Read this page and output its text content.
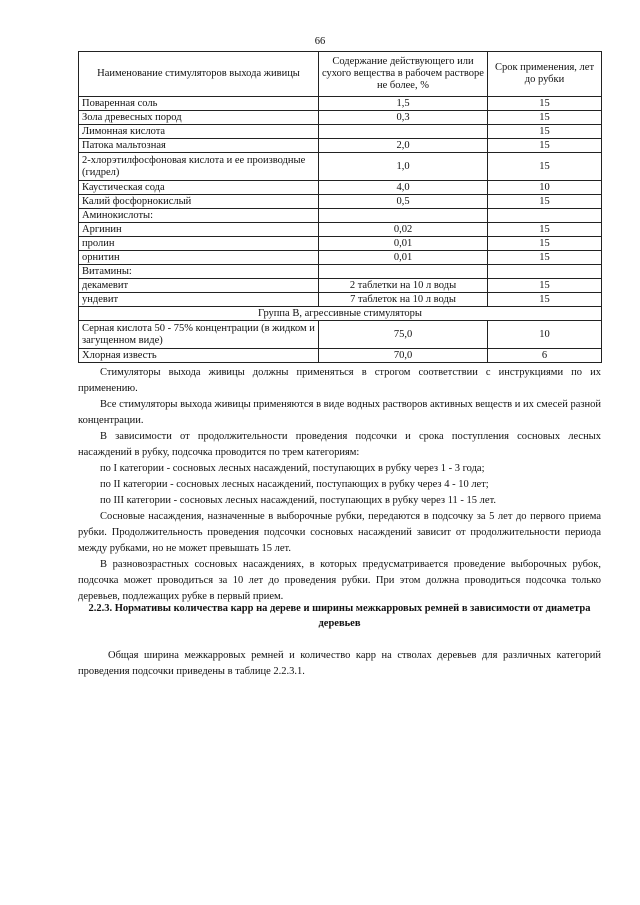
66
Наименование стимуляторов выхода живицы	Содержание действующего или сухого вещества в рабочем растворе не более, %	Срок применения, лет до рубки
Поваренная соль	1,5	15
Зола древесных пород	0,3	15
Лимонная кислота		15
Патока мальтозная	2,0	15
2-хлорэтилфосфоновая кислота и ее производные (гидрел)	1,0	15
Каустическая сода	4,0	10
Калий фосфорнокислый	0,5	15
Аминокислоты:		
Аргинин	0,02	15
пролин	0,01	15
орнитин	0,01	15
Витамины:		
декамевит	2 таблетки на 10 л воды	15
ундевит	7 таблеток на 10 л воды	15
Группа В, агрессивные стимуляторы		
Серная кислота 50 - 75% концентрации (в жидком и загущенном виде)	75,0	10
Хлорная известь	70,0	6

Стимуляторы выхода живицы должны применяться в строгом соответствии с инструкциями по их применению.

Все стимуляторы выхода живицы применяются в виде водных растворов активных веществ и их смесей разной концентрации.

В зависимости от продолжительности проведения подсочки и срока поступления сосновых лесных насаждений в рубку, подсочка проводится по трем категориям:

по I категории - сосновых лесных насаждений, поступающих в рубку через 1 - 3 года;

по II категории - сосновых лесных насаждений, поступающих в рубку через 4 - 10 лет;

по III категории - сосновых лесных насаждений, поступающих в рубку через 11 - 15 лет.

Сосновые насаждения, назначенные в выборочные рубки, передаются в подсочку за 5 лет до первого приема рубки. Продолжительность проведения подсочки сосновых насаждений зависит от продолжительности периода между рубками, но не может превышать 15 лет.

В разновозрастных сосновых насаждениях, в которых предусматривается проведение выборочных рубок, подсочка может проводиться за 10 лет до проведения рубки. При этом должна проводиться подсочка только деревьев, подлежащих рубке в первый прием.

2.2.3. Нормативы количества карр на дереве и ширины межкарровых ремней в зависимости от диаметра деревьев

Общая ширина межкарровых ремней и количество карр на стволах деревьев для различных категорий проведения подсочки приведены в таблице 2.2.3.1.
